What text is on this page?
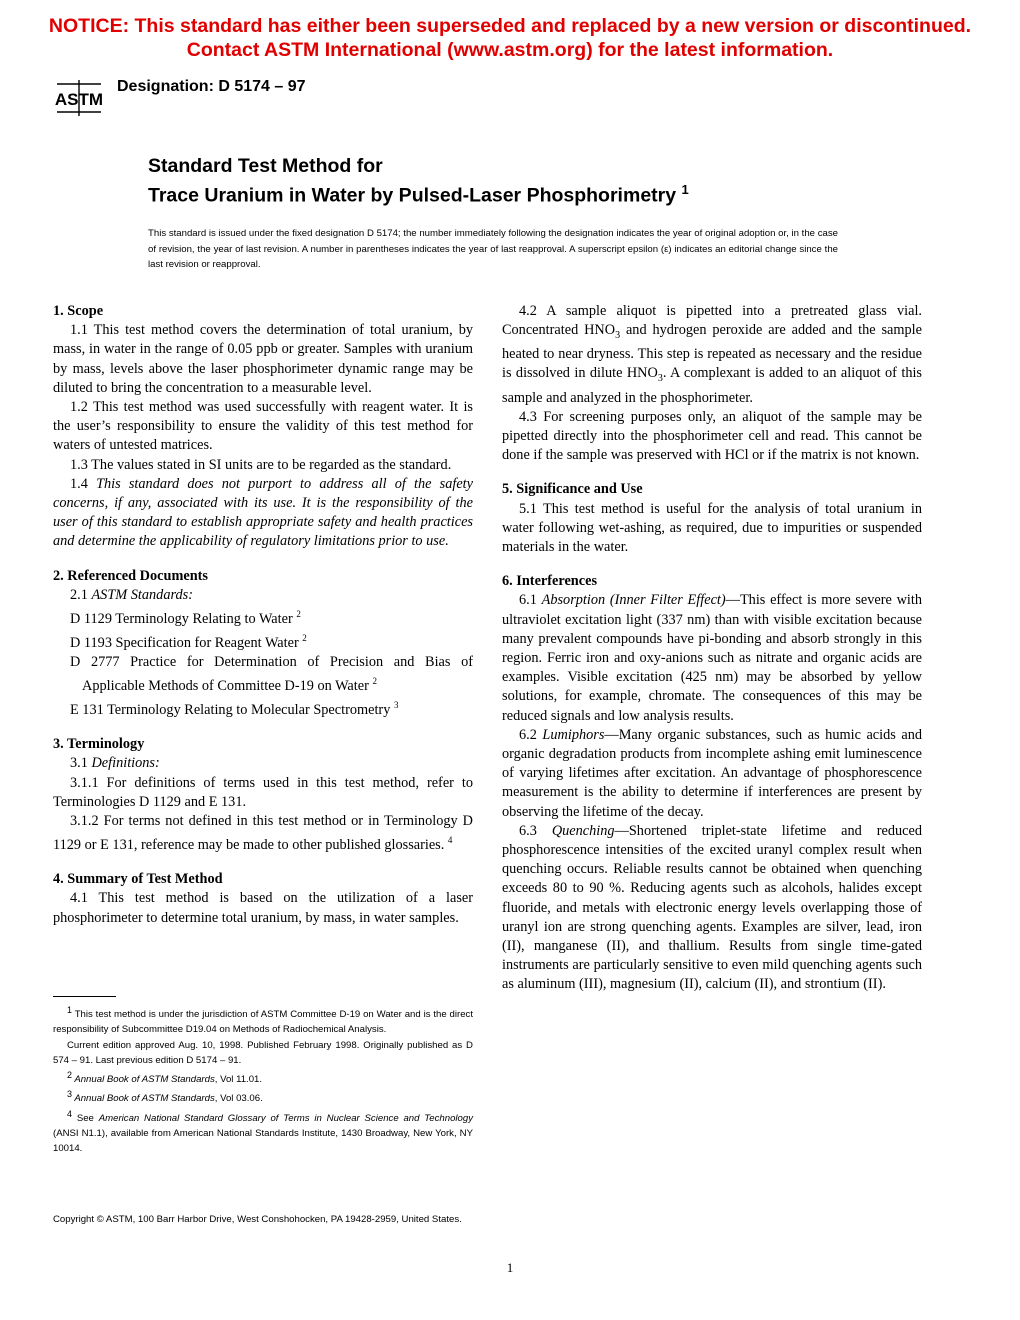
NOTICE: This standard has either been superseded and replaced by a new version or discontinued.
Contact ASTM International (www.astm.org) for the latest information.
ASTM
Designation: D 5174 – 97
Standard Test Method for
Trace Uranium in Water by Pulsed-Laser Phosphorimetry $^1$
This standard is issued under the fixed designation D 5174; the number immediately following the designation indicates the year of original adoption or, in the case of revision, the year of last revision. A number in parentheses indicates the year of last reapproval. A superscript epsilon (ε) indicates an editorial change since the last revision or reapproval.

1. Scope

1.1 This test method covers the determination of total uranium, by mass, in water in the range of 0.05 ppb or greater. Samples with uranium by mass, levels above the laser phosphorimeter dynamic range may be diluted to bring the concentration to a measurable level.

1.2 This test method was used successfully with reagent water. It is the user’s responsibility to ensure the validity of this test method for waters of untested matrices.

1.3 The values stated in SI units are to be regarded as the standard.

1.4 This standard does not purport to address all of the safety concerns, if any, associated with its use. It is the responsibility of the user of this standard to establish appropriate safety and health practices and determine the applicability of regulatory limitations prior to use.

2. Referenced Documents

2.1 ASTM Standards:

D 1129 Terminology Relating to Water $^2$

D 1193 Specification for Reagent Water $^2$

D 2777 Practice for Determination of Precision and Bias of Applicable Methods of Committee D-19 on Water $^2$

E 131 Terminology Relating to Molecular Spectrometry $^3$

3. Terminology

3.1 Definitions:

3.1.1 For definitions of terms used in this test method, refer to Terminologies D 1129 and E 131.

3.1.2 For terms not defined in this test method or in Terminology D 1129 or E 131, reference may be made to other published glossaries. $^4$

4. Summary of Test Method

4.1 This test method is based on the utilization of a laser phosphorimeter to determine total uranium, by mass, in water samples.

4.2 A sample aliquot is pipetted into a pretreated glass vial. Concentrated $HNO_3$ and hydrogen peroxide are added and the sample heated to near dryness. This step is repeated as necessary and the residue is dissolved in dilute $HNO_3$. A complexant is added to an aliquot of this sample and analyzed in the phosphorimeter.

4.3 For screening purposes only, an aliquot of the sample may be pipetted directly into the phosphorimeter cell and read. This cannot be done if the sample was preserved with HCl or if the matrix is not known.

5. Significance and Use

5.1 This test method is useful for the analysis of total uranium in water following wet-ashing, as required, due to impurities or suspended materials in the water.

6. Interferences

6.1 Absorption (Inner Filter Effect)—This effect is more severe with ultraviolet excitation light (337 nm) than with visible excitation because many prevalent compounds have pi-bonding and absorb strongly in this region. Ferric iron and oxy-anions such as nitrate and organic acids are examples. Visible excitation (425 nm) may be absorbed by yellow solutions, for example, chromate. The consequences of this may be reduced signals and low analysis results.

6.2 Lumiphors—Many organic substances, such as humic acids and organic degradation products from incomplete ashing emit luminescence of varying lifetimes after excitation. An advantage of phosphorescence measurement is the ability to determine if interferences are present by observing the lifetime of the decay.

6.3 Quenching—Shortened triplet-state lifetime and reduced phosphorescence intensities of the excited uranyl complex result when quenching occurs. Reliable results cannot be obtained when quenching exceeds 80 to 90 %. Reducing agents such as alcohols, halides except fluoride, and metals with electronic energy levels overlapping those of uranyl ion are strong quenching agents. Examples are silver, lead, iron (II), manganese (II), and thallium. Results from single time-gated instruments are particularly sensitive to even mild quenching agents such as aluminum (III), magnesium (II), calcium (II), and strontium (II).

$^1$ This test method is under the jurisdiction of ASTM Committee D-19 on Water and is the direct responsibility of Subcommittee D19.04 on Methods of Radiochemical Analysis.

Current edition approved Aug. 10, 1998. Published February 1998. Originally published as D 574 – 91. Last previous edition D 5174 – 91.

$^2$ Annual Book of ASTM Standards, Vol 11.01.

$^3$ Annual Book of ASTM Standards, Vol 03.06.

$^4$ See American National Standard Glossary of Terms in Nuclear Science and Technology (ANSI N1.1), available from American National Standards Institute, 1430 Broadway, New York, NY 10014.

Copyright © ASTM, 100 Barr Harbor Drive, West Conshohocken, PA 19428-2959, United States.
1
